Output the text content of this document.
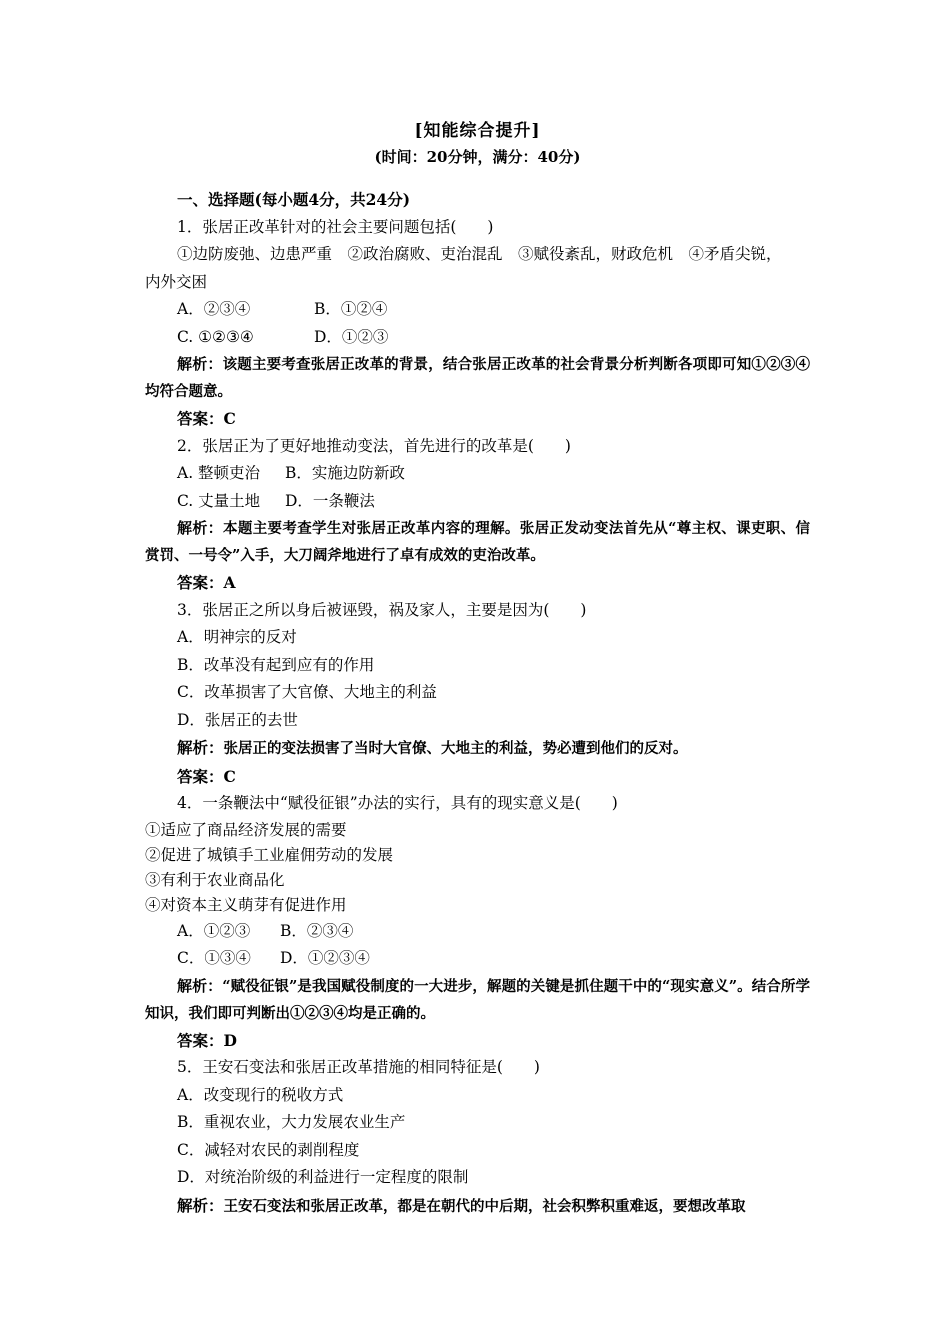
[知能综合提升]
(时间：20分钟，满分：40分)
一、选择题(每小题4分，共24分)
1．张居正改革针对的社会主要问题包括(　　)
①边防废弛、边患严重　②政治腐败、吏治混乱　③赋役紊乱，财政危机　④矛盾尖锐，
内外交困
A．②③④	B．①②④
C. ①②③④	D．①②③
解析：该题主要考查张居正改革的背景，结合张居正改革的社会背景分析判断各项即可知①②③④均符合题意。
答案：C
2．张居正为了更好地推动变法，首先进行的改革是(　　)
A. 整顿吏治 B．实施边防新政
C. 丈量土地 D．一条鞭法
解析：本题主要考查学生对张居正改革内容的理解。张居正发动变法首先从“尊主权、课吏职、信赏罚、一号令”入手，大刀阔斧地进行了卓有成效的吏治改革。
答案：A
3．张居正之所以身后被诬毁，祸及家人，主要是因为(　　)
A．明神宗的反对
B．改革没有起到应有的作用
C．改革损害了大官僚、大地主的利益
D．张居正的去世
解析：张居正的变法损害了当时大官僚、大地主的利益，势必遭到他们的反对。
答案：C
4．一条鞭法中“赋役征银”办法的实行，具有的现实意义是(　　)
①适应了商品经济发展的需要
②促进了城镇手工业雇佣劳动的发展
③有利于农业商品化
④对资本主义萌芽有促进作用
A．①②③ B．②③④
C．①③④ D．①②③④
解析：“赋役征银”是我国赋役制度的一大进步，解题的关键是抓住题干中的“现实意义”。结合所学知识，我们即可判断出①②③④均是正确的。
答案：D
5．王安石变法和张居正改革措施的相同特征是(　　)
A．改变现行的税收方式
B．重视农业，大力发展农业生产
C．减轻对农民的剥削程度
D．对统治阶级的利益进行一定程度的限制
解析：王安石变法和张居正改革，都是在朝代的中后期，社会积弊积重难返，要想改革取
